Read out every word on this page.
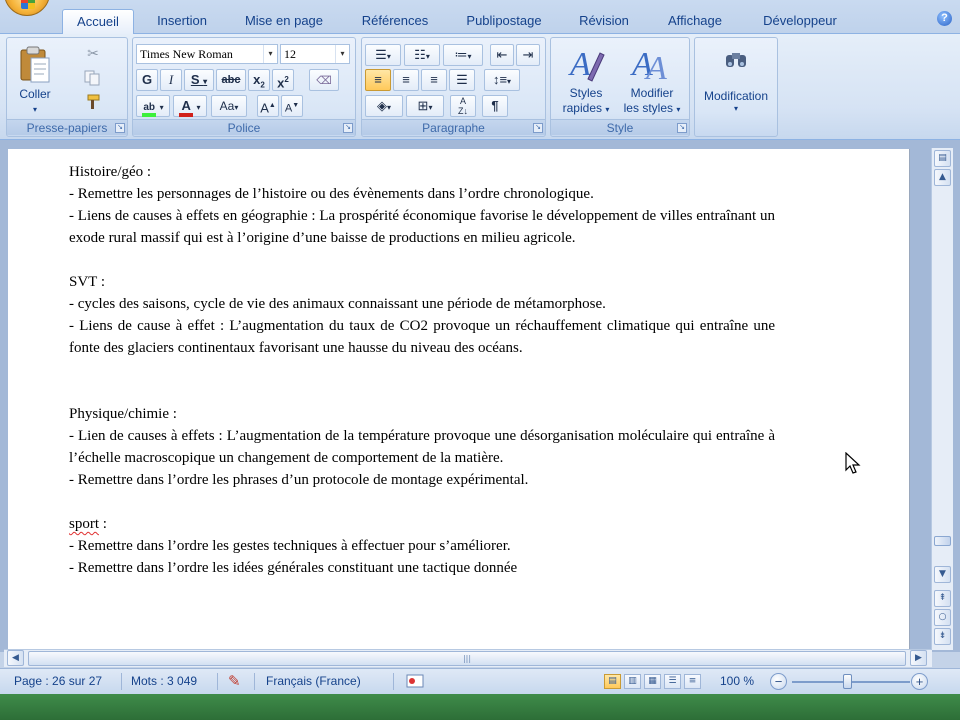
Accueil	Insertion	Mise en page	Références	Publipostage	Révision	Affichage	Développeur	?
Coller
▾
✂
Presse-papiers	↘
Times New Roman	▾ 12	▾
G	I	S ▾	abc $x_2$ $x^2$	⌫
ab ▾	A ▾	Aa▾	A▲ A▼
Police	↘
☰▾	☷▾	≔▾	⇤	⇥
≡	≡	≡	☰	↕≡▾
◈▾	⊞▾
A
Z↓	¶
Paragraphe	↘
A
Styles
rapides ▾
A
A
Modifier
les styles ▾
Style	↘
Modification
▾

Histoire/géo :

- Remettre les personnages de l’histoire ou des évènements dans l’ordre chronologique.

- Liens de causes à effets en géographie : La prospérité économique favorise le développement de villes entraînant un exode rural massif qui est à l’origine d’une baisse de productions en milieu agricole.

SVT :

- cycles des saisons, cycle de vie des animaux connaissant une période de métamorphose.

- Liens de cause à effet : L’augmentation du taux de CO2 provoque un réchauffement climatique qui entraîne une fonte des glaciers continentaux favorisant une hausse du niveau des océans.

Physique/chimie :

- Lien de causes à effets : L’augmentation de la température provoque une désorganisation moléculaire qui entraîne à l’échelle macroscopique un changement de comportement de la matière.

- Remettre dans l’ordre les phrases d’un protocole de montage expérimental.

sport :

- Remettre dans l’ordre les gestes techniques à effectuer pour s’améliorer.

- Remettre dans l’ordre les idées générales constituant une tactique donnée

▤
▲
▼
⇞
○
⇟
◀	|||	▶
Page : 26 sur 27 Mots : 3 049 ✎ Français (France)	▤	▥	▦	☰	≡	100 %	−	+
